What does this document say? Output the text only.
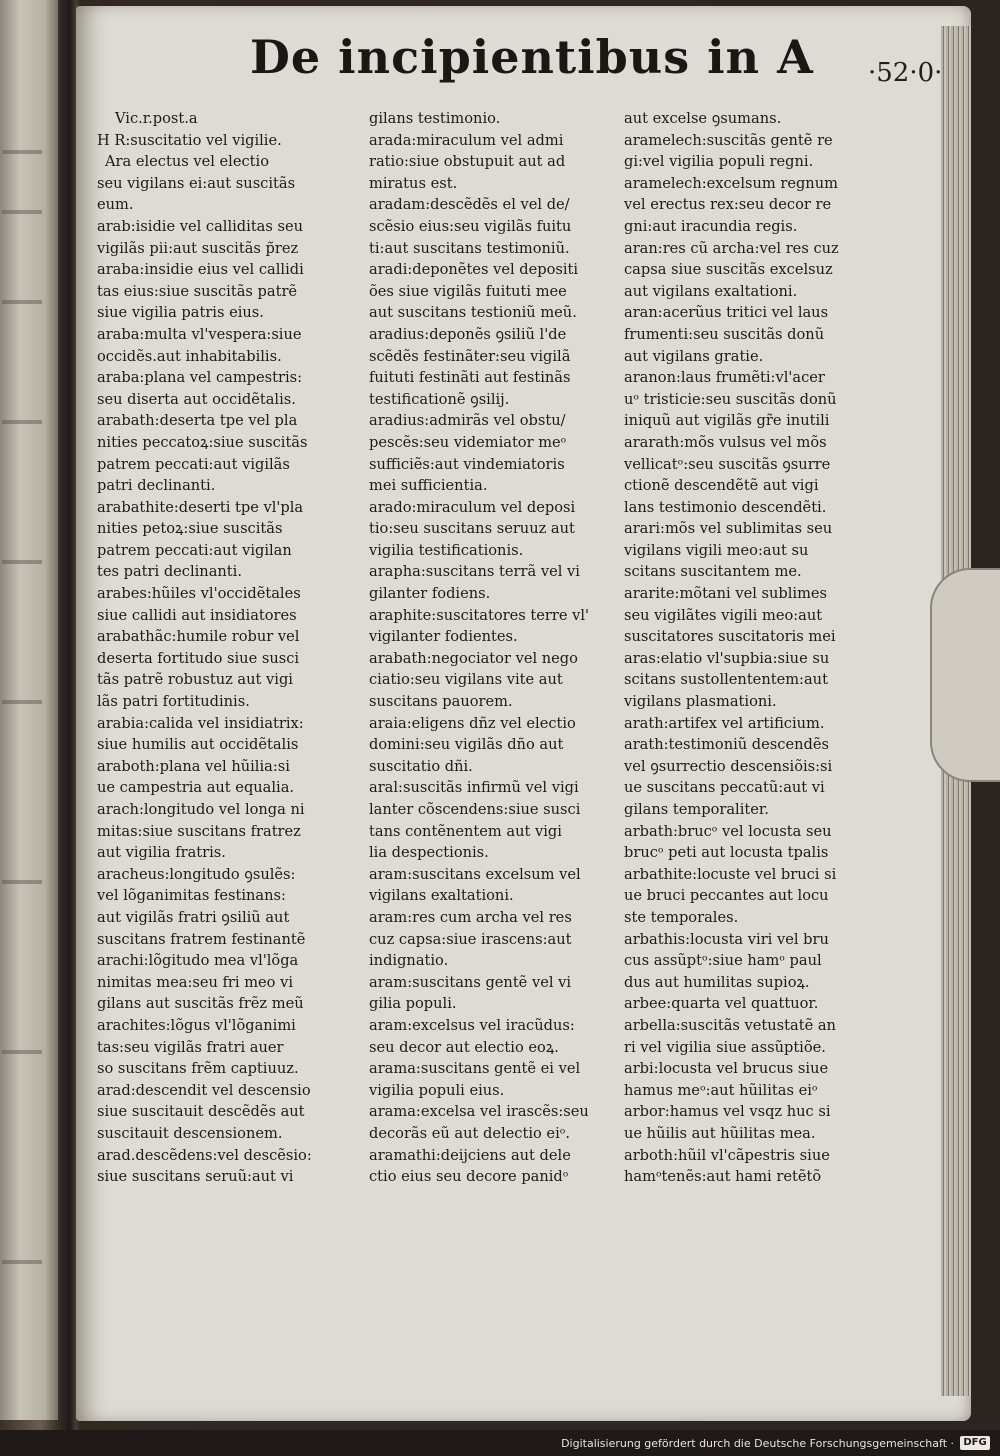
De incipientibus in A ·52·0·
Vic.r.post.a
H R:suscitatio vel vigilie.
Ara electus vel electio
seu vigilans ei:aut suscitãs
eum.
arab:isidie vel calliditas seu
vigilãs pii:aut suscitãs p̃rez
araba:insidie eius vel callidi
tas eius:siue suscitãs patrẽ
siue vigilia patris eius.
araba:multa vl'vespera:siue
occidẽs.aut inhabitabilis.
araba:plana vel campestris:
seu diserta aut occidẽtalis.
arabath:deserta tpe vel pla
nities peccatoꝝ:siue suscitãs
patrem peccati:aut vigilãs
patri declinanti.
arabathite:deserti tpe vl'pla
nities petoꝝ:siue suscitãs
patrem peccati:aut vigilan
tes patri declinanti.
arabes:hũiles vl'occidẽtales
siue callidi aut insidiatores
arabathãc:humile robur vel
deserta fortitudo siue susci
tãs patrẽ robustuz aut vigi
lãs patri fortitudinis.
arabia:calida vel insidiatrix:
siue humilis aut occidẽtalis
araboth:plana vel hũilia:si
ue campestria aut equalia.
arach:longitudo vel longa ni
mitas:siue suscitans fratrez
aut vigilia fratris.
aracheus:longitudo ꝯsulẽs:
vel lõganimitas festinans:
aut vigilãs fratri ꝯsiliũ aut
suscitans fratrem festinantẽ
arachi:lõgitudo mea vl'lõga
nimitas mea:seu fri meo vi
gilans aut suscitãs frẽz meũ
arachites:lõgus vl'lõganimi
tas:seu vigilãs fratri auer
so suscitans frẽm captiuuz.
arad:descendit vel descensio
siue suscitauit descẽdẽs aut
suscitauit descensionem.
arad.descẽdens:vel descẽsio:
siue suscitans seruũ:aut vi
gilans testimonio.
arada:miraculum vel admi
ratio:siue obstupuit aut ad
miratus est.
aradam:descẽdẽs el vel de/
scẽsio eius:seu vigilãs fuitu
ti:aut suscitans testimoniũ.
aradi:deponẽtes vel depositi
ões siue vigilãs fuituti mee
aut suscitans testioniũ meũ.
aradius:deponẽs ꝯsiliũ l'de
scẽdẽs festinãter:seu vigilã
fuituti festinãti aut festinãs
testificationẽ ꝯsilij.
aradius:admirãs vel obstu/
pescẽs:seu videmiator meᵒ
sufficiẽs:aut vindemiatoris
mei sufficientia.
arado:miraculum vel deposi
tio:seu suscitans seruuz aut
vigilia testificationis.
arapha:suscitans terrã vel vi
gilanter fodiens.
araphite:suscitatores terre vl'
vigilanter fodientes.
arabath:negociator vel nego
ciatio:seu vigilans vite aut
suscitans pauorem.
araia:eligens dñz vel electio
domini:seu vigilãs dño aut
suscitatio dñi.
aral:suscitãs infirmũ vel vigi
lanter cõscendens:siue susci
tans contẽnentem aut vigi
lia despectionis.
aram:suscitans excelsum vel
vigilans exaltationi.
aram:res cum archa vel res
cuz capsa:siue irascens:aut
indignatio.
aram:suscitans gentẽ vel vi
gilia populi.
aram:excelsus vel iracũdus:
seu decor aut electio eoꝝ.
arama:suscitans gentẽ ei vel
vigilia populi eius.
arama:excelsa vel irascẽs:seu
decorãs eũ aut delectio eiᵒ.
aramathi:deijciens aut dele
ctio eius seu decore panidᵒ
aut excelse ꝯsumans.
aramelech:suscitãs gentẽ re
gi:vel vigilia populi regni.
aramelech:excelsum regnum
vel erectus rex:seu decor re
gni:aut iracundia regis.
aran:res cũ archa:vel res cuz
capsa siue suscitãs excelsuz
aut vigilans exaltationi.
aran:acerũus tritici vel laus
frumenti:seu suscitãs donũ
aut vigilans gratie.
aranon:laus frumẽti:vl'acer
uᵒ tristicie:seu suscitãs donũ
iniquũ aut vigilãs gr̃e inutili
ararath:mõs vulsus vel mõs
vellicatᵒ:seu suscitãs ꝯsurre
ctionẽ descendẽtẽ aut vigi
lans testimonio descendẽti.
arari:mõs vel sublimitas seu
vigilans vigili meo:aut su
scitans suscitantem me.
ararite:mõtani vel sublimes
seu vigilãtes vigili meo:aut
suscitatores suscitatoris mei
aras:elatio vl'supbia:siue su
scitans sustollententem:aut
vigilans plasmationi.
arath:artifex vel artificium.
arath:testimoniũ descendẽs
vel ꝯsurrectio descensiõis:si
ue suscitans peccatũ:aut vi
gilans temporaliter.
arbath:brucᵒ vel locusta seu
brucᵒ peti aut locusta tpalis
arbathite:locuste vel bruci si
ue bruci peccantes aut locu
ste temporales.
arbathis:locusta viri vel bru
cus assũptᵒ:siue hamᵒ paul
dus aut humilitas supioꝝ.
arbee:quarta vel quattuor.
arbella:suscitãs vetustatẽ an
ri vel vigilia siue assũptiõe.
arbi:locusta vel brucus siue
hamus meᵒ:aut hũilitas eiᵒ
arbor:hamus vel vsqz huc si
ue hũilis aut hũilitas mea.
arboth:hũil vl'cãpestris siue
hamᵒtenẽs:aut hami retẽtõ

Digitalisierung gefördert durch die Deutsche Forschungsgemeinschaft · DFG
